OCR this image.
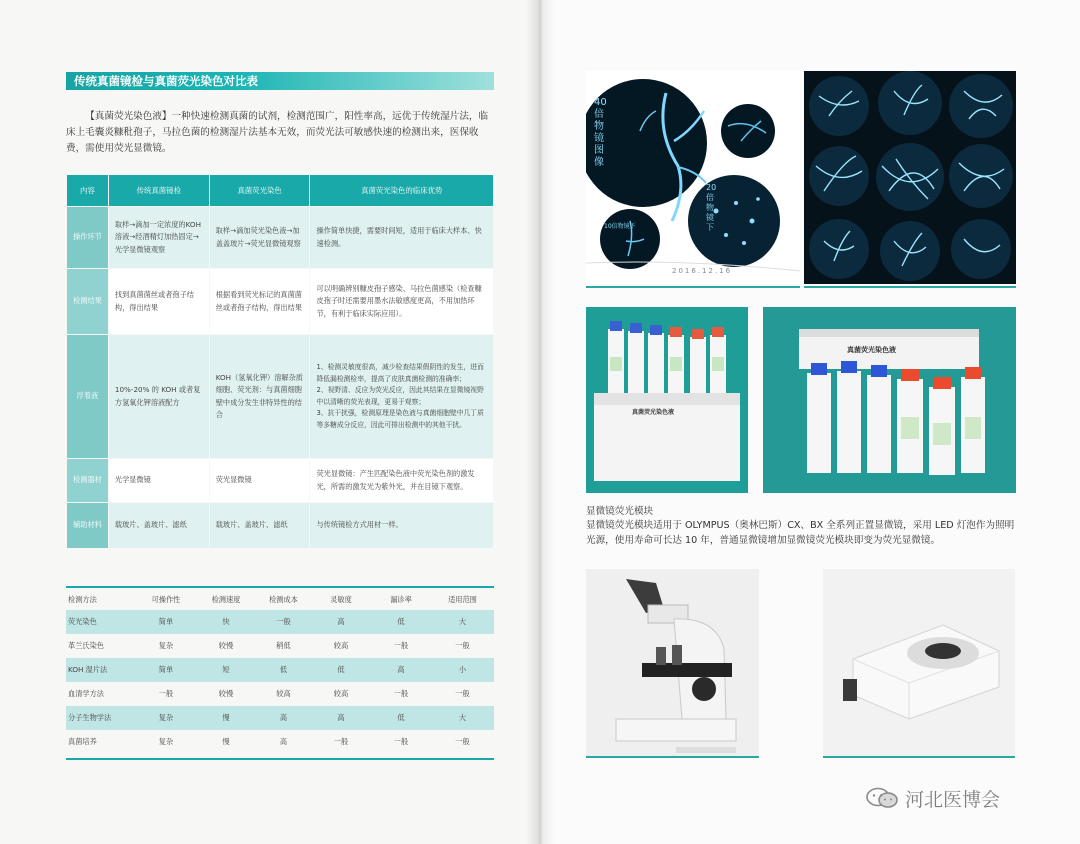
传统真菌镜检与真菌荧光染色对比表

【真菌荧光染色液】一种快速检测真菌的试剂，检测范围广，阳性率高，远优于传统湿片法，临床上毛囊炎糠秕孢子，马拉色菌的检测湿片法基本无效，而荧光法可敏感快速的检测出来，医保收费，需使用荧光显微镜。

内容	传统真菌镜检	真菌荧光染色	真菌荧光染色的临床优势
操作环节	取样→滴加一定浓度的KOH溶液→经酒精灯加热固定→光学显微镜观察	取样→滴加荧光染色液→加盖盖玻片→荧光显微镜观察	操作简单快捷，需要时间短，适用于临床大样本、快速检测。
检测结果	找到真菌菌丝或者孢子结构，得出结果	根据看到荧光标记的真菌菌丝或者孢子结构，得出结果	可以明确辨别糠皮孢子感染、马拉色菌感染（检查糠皮孢子时还需要用墨水法敏感度更高，不用加热环节，有利于临床实际应用）。
浮着液	10%-20% 的 KOH 或者复方氢氧化钾溶液配方	KOH（氢氧化钾）溶解杂质细胞、荧光剂：与真菌细胞壁中成分发生非特异性的结合	1、检测灵敏度很高，减少检查结果假阴性的发生，进而降低漏检测检率，提高了皮肤真菌检测的准确率；
2、视野清、反应为荧光反应，因此其结果在显微镜视野中以清晰的荧光表现，更易于观察；
3、抗干扰强，检测原理是染色液与真菌细胞壁中几丁质等多糖成分反应，因此可排出检测中的其他干扰。
检测器材	光学显微镜	荧光显微镜	荧光显微镜：产生匹配染色液中荧光染色剂的激发光，所需的激发光为紫外光，并在目镜下观察。
辅助材料	载玻片、盖玻片、滤纸	载玻片、盖玻片、滤纸	与传统镜检方式用材一样。
检测方法	可操作性	检测速度	检测成本	灵敏度	漏诊率	适用范围
荧光染色	简单	快	一般	高	低	大
革兰氏染色	复杂	较慢	稍低	较高	一般	一般
KOH 湿片法	简单	短	低	低	高	小
血清学方法	一般	较慢	较高	较高	一般	一般
分子生物学法	复杂	慢	高	高	低	大
真菌培养	复杂	慢	高	一般	一般	一般
40倍物镜图像
20倍物镜下
10倍物镜下
2016.12.16
真菌荧光染色液
真菌荧光染色液
显微镜荧光模块

显微镜荧光模块适用于 OLYMPUS（奥林巴斯）CX、BX 全系列正置显微镜，采用 LED 灯泡作为照明光源，使用寿命可长达 10 年，普通显微镜增加显微镜荧光模块即变为荧光显微镜。

河北医博会
